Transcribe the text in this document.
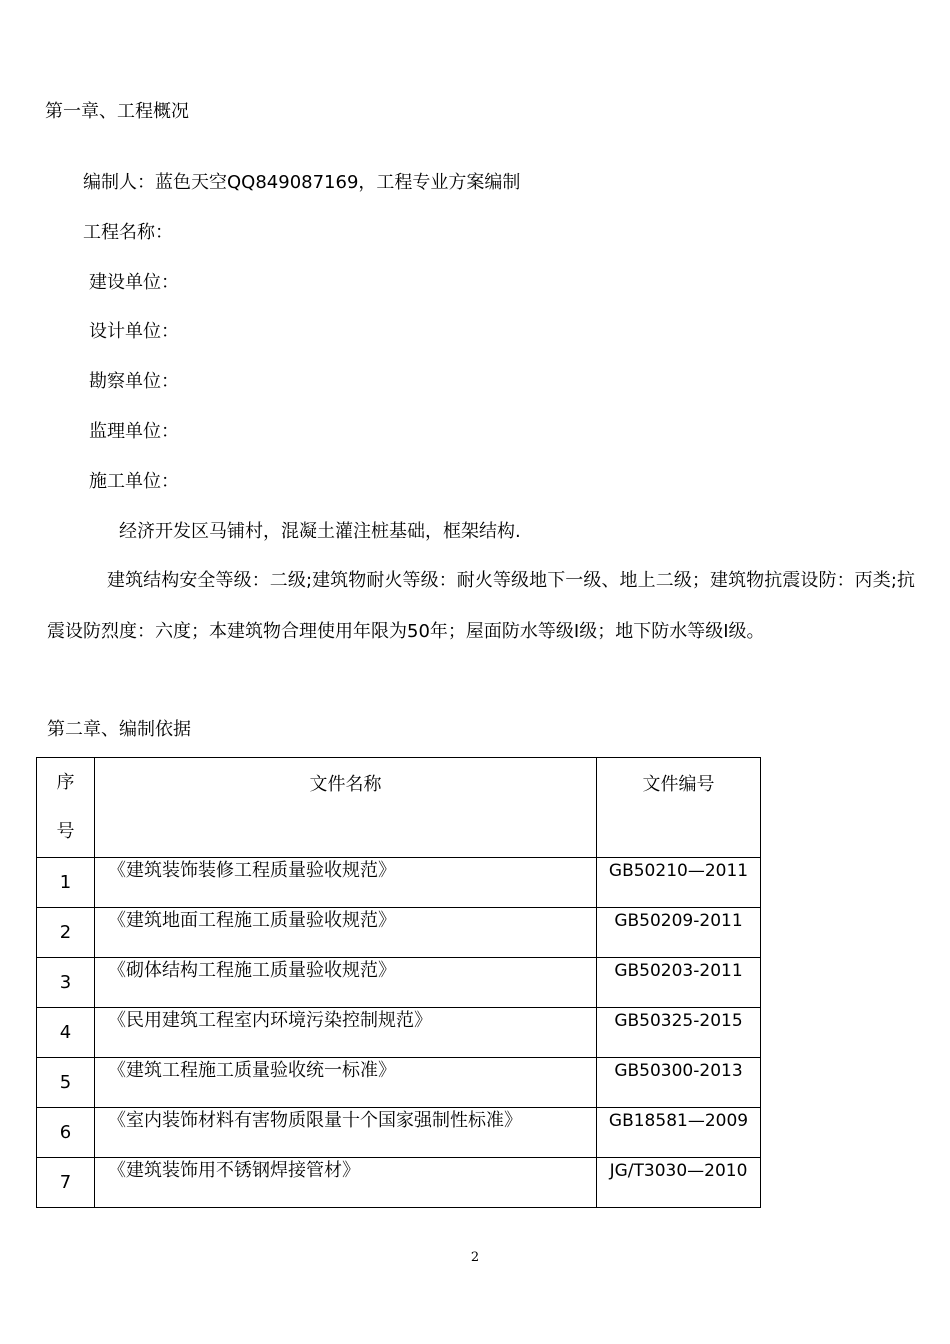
第一章、工程概况
编制人：蓝色天空QQ849087169，工程专业方案编制
工程名称：
建设单位：
设计单位：
勘察单位：
监理单位：
施工单位：
经济开发区马铺村，混凝土灌注桩基础，框架结构.
建筑结构安全等级：二级;建筑物耐火等级：耐火等级地下一级、地上二级；建筑物抗震设防：丙类;抗震设防烈度：六度；本建筑物合理使用年限为50年；屋面防水等级Ⅰ级；地下防水等级Ⅰ级。
第二章、编制依据
序
号	文件名称	文件编号
1	《建筑装饰装修工程质量验收规范》	GB50210—2011
2	《建筑地面工程施工质量验收规范》	GB50209-2011
3	《砌体结构工程施工质量验收规范》	GB50203-2011
4	《民用建筑工程室内环境污染控制规范》	GB50325-2015
5	《建筑工程施工质量验收统一标准》	GB50300-2013
6	《室内装饰材料有害物质限量十个国家强制性标准》	GB18581—2009
7	《建筑装饰用不锈钢焊接管材》	JG/T3030—2010
2
